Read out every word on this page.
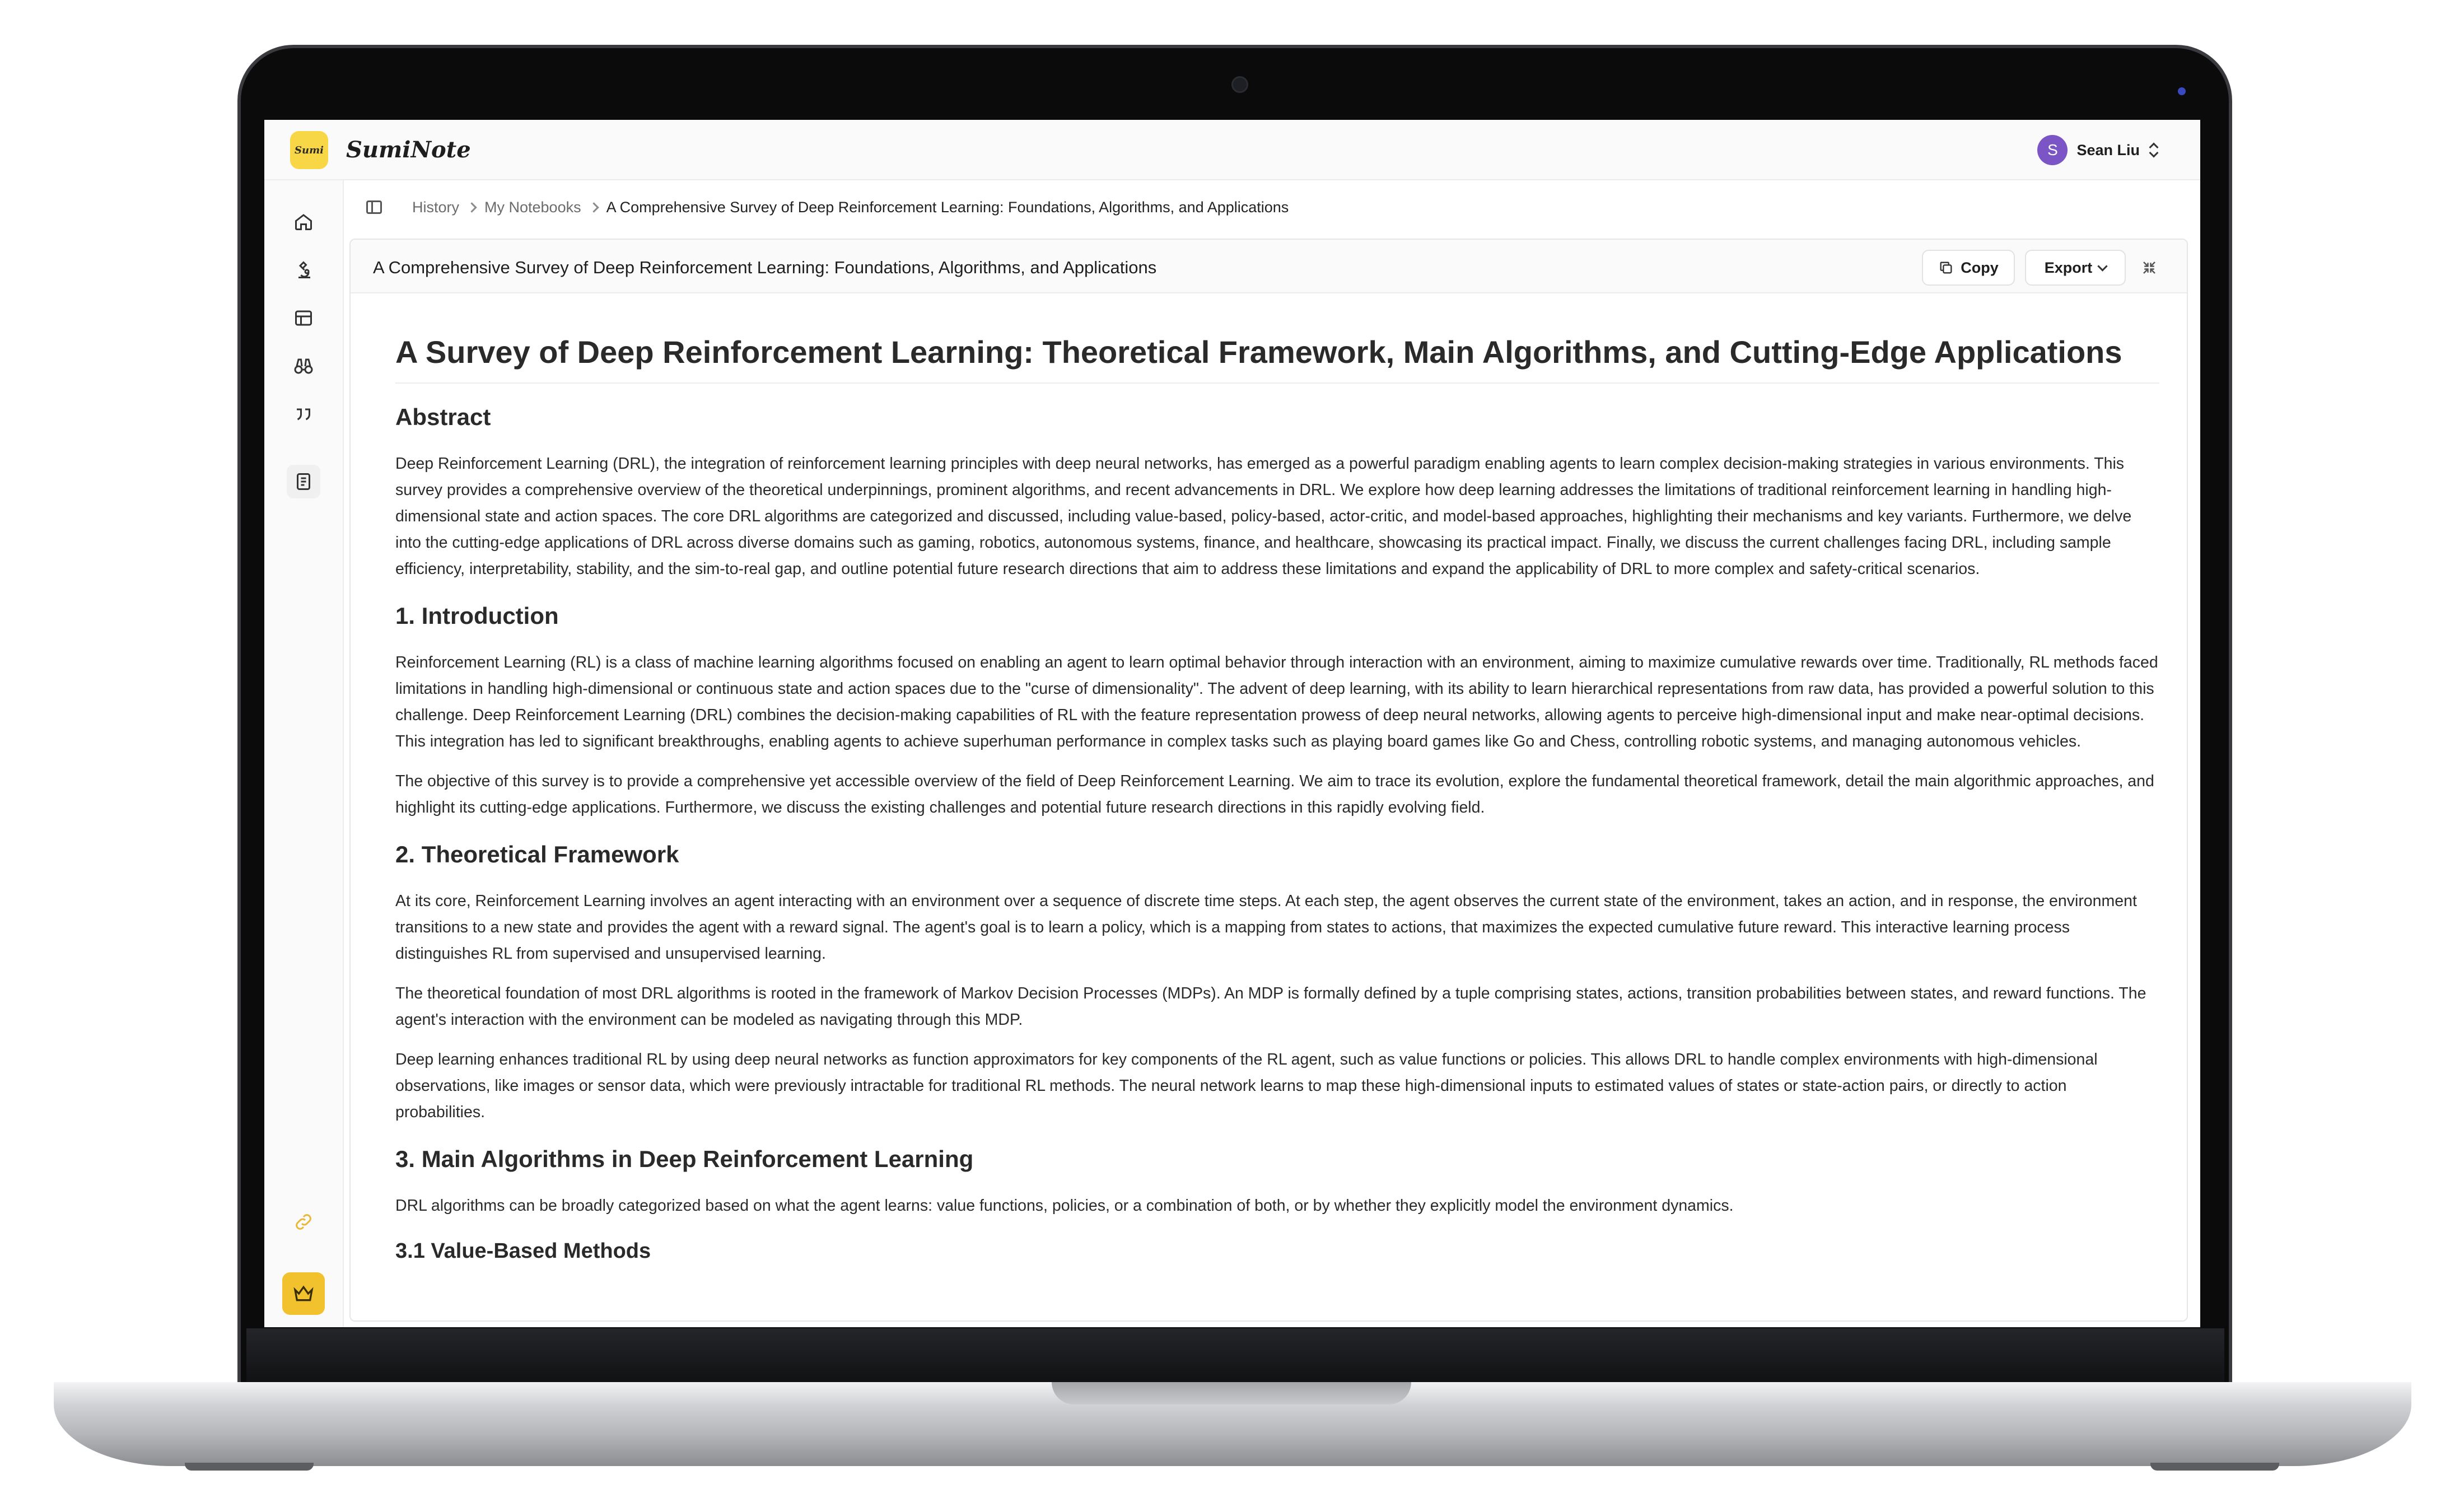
Sumi SumiNote	S	Sean Liu
History My Notebooks A Comprehensive Survey of Deep Reinforcement Learning: Foundations, Algorithms, and Applications
A Comprehensive Survey of Deep Reinforcement Learning: Foundations, Algorithms, and Applications	Copy	Export
A Survey of Deep Reinforcement Learning: Theoretical Framework, Main Algorithms, and Cutting-Edge Applications
Abstract

Deep Reinforcement Learning (DRL), the integration of reinforcement learning principles with deep neural networks, has emerged as a powerful paradigm enabling agents to learn complex decision-making strategies in various environments. This survey provides a comprehensive overview of the theoretical underpinnings, prominent algorithms, and recent advancements in DRL. We explore how deep learning addresses the limitations of traditional reinforcement learning in handling high-dimensional state and action spaces. The core DRL algorithms are categorized and discussed, including value-based, policy-based, actor-critic, and model-based approaches, highlighting their mechanisms and key variants. Furthermore, we delve into the cutting-edge applications of DRL across diverse domains such as gaming, robotics, autonomous systems, finance, and healthcare, showcasing its practical impact. Finally, we discuss the current challenges facing DRL, including sample efficiency, interpretability, stability, and the sim-to-real gap, and outline potential future research directions that aim to address these limitations and expand the applicability of DRL to more complex and safety-critical scenarios.

1. Introduction

Reinforcement Learning (RL) is a class of machine learning algorithms focused on enabling an agent to learn optimal behavior through interaction with an environment, aiming to maximize cumulative rewards over time. Traditionally, RL methods faced limitations in handling high-dimensional or continuous state and action spaces due to the "curse of dimensionality". The advent of deep learning, with its ability to learn hierarchical representations from raw data, has provided a powerful solution to this challenge. Deep Reinforcement Learning (DRL) combines the decision-making capabilities of RL with the feature representation prowess of deep neural networks, allowing agents to perceive high-dimensional input and make near-optimal decisions. This integration has led to significant breakthroughs, enabling agents to achieve superhuman performance in complex tasks such as playing board games like Go and Chess, controlling robotic systems, and managing autonomous vehicles.

The objective of this survey is to provide a comprehensive yet accessible overview of the field of Deep Reinforcement Learning. We aim to trace its evolution, explore the fundamental theoretical framework, detail the main algorithmic approaches, and highlight its cutting-edge applications. Furthermore, we discuss the existing challenges and potential future research directions in this rapidly evolving field.

2. Theoretical Framework

At its core, Reinforcement Learning involves an agent interacting with an environment over a sequence of discrete time steps. At each step, the agent observes the current state of the environment, takes an action, and in response, the environment transitions to a new state and provides the agent with a reward signal. The agent's goal is to learn a policy, which is a mapping from states to actions, that maximizes the expected cumulative future reward. This interactive learning process distinguishes RL from supervised and unsupervised learning.

The theoretical foundation of most DRL algorithms is rooted in the framework of Markov Decision Processes (MDPs). An MDP is formally defined by a tuple comprising states, actions, transition probabilities between states, and reward functions. The agent's interaction with the environment can be modeled as navigating through this MDP.

Deep learning enhances traditional RL by using deep neural networks as function approximators for key components of the RL agent, such as value functions or policies. This allows DRL to handle complex environments with high-dimensional observations, like images or sensor data, which were previously intractable for traditional RL methods. The neural network learns to map these high-dimensional inputs to estimated values of states or state-action pairs, or directly to action probabilities.

3. Main Algorithms in Deep Reinforcement Learning

DRL algorithms can be broadly categorized based on what the agent learns: value functions, policies, or a combination of both, or by whether they explicitly model the environment dynamics.

3.1 Value-Based Methods
